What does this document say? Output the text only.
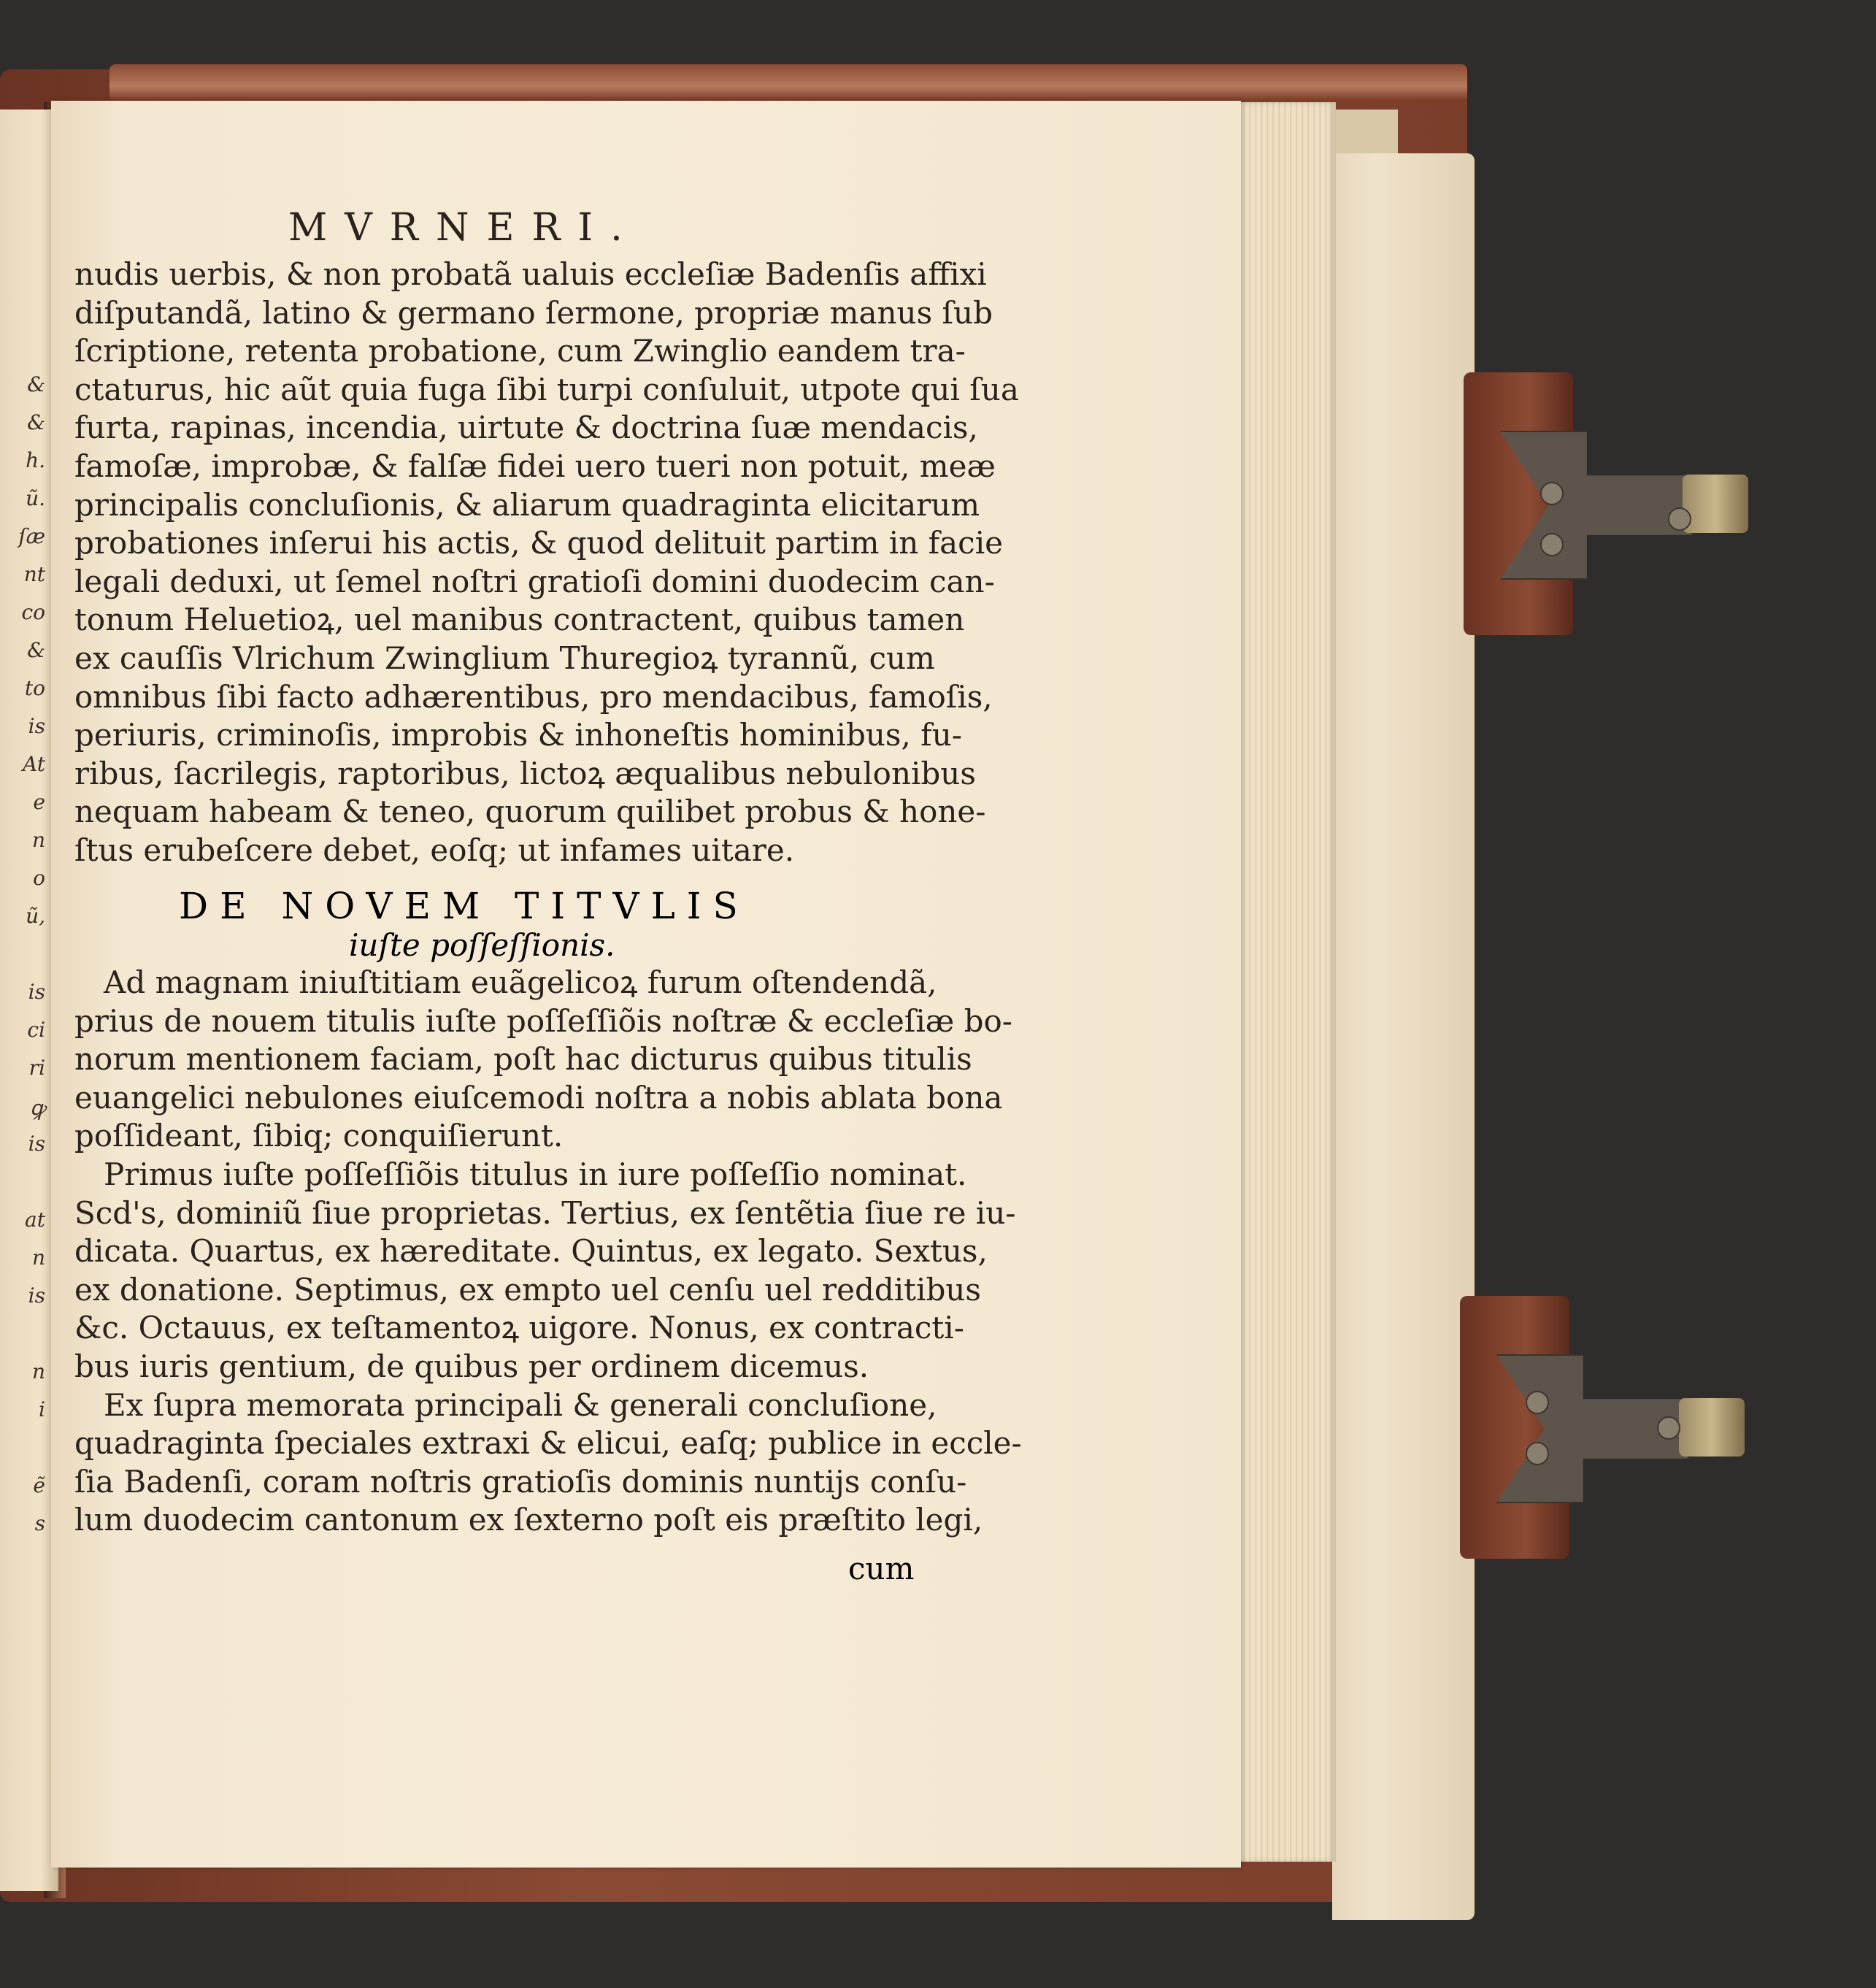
&
&
h.
ũ.
ſæ
nt
co
&
to
is
At
e
n
o
ũ,
is
ci
ri
ꝙ
is
at
n
is
n
i
ẽ
s
MVRNERI.
nudis uerbis, & non probatã ualuis eccleſiæ Badenſis affixi
diſputandã, latino & germano ſermone, propriæ manus ſub
ſcriptione, retenta probatione, cum Zwinglio eandem tra-
ctaturus, hic aũt quia fuga ſibi turpi conſuluit, utpote qui ſua
furta, rapinas, incendia, uirtute & doctrina ſuæ mendacis,
famoſæ, improbæ, & falſæ fidei uero tueri non potuit, meæ
principalis concluſionis, & aliarum quadraginta elicitarum
probationes inſerui his actis, & quod delituit partim in facie
legali deduxi, ut ſemel noſtri gratioſi domini duodecim can-
tonum Heluetioꝝ, uel manibus contractent, quibus tamen
ex cauſſis Vlrichum Zwinglium Thuregioꝝ tyrannũ, cum
omnibus ſibi facto adhærentibus, pro mendacibus, famoſis,
periuris, criminoſis, improbis & inhoneſtis hominibus, fu-
ribus, ſacrilegis, raptoribus, lictoꝝ æqualibus nebulonibus
nequam habeam & teneo, quorum quilibet probus & hone-
ſtus erubeſcere debet, eoſq; ut infames uitare.
DE NOVEM TITVLIS
iuſte poſſeſſionis.
Ad magnam iniuſtitiam euãgelicoꝝ furum oſtendendã,
prius de nouem titulis iuſte poſſeſſiõis noſtræ & eccleſiæ bo-
norum mentionem faciam, poſt hac dicturus quibus titulis
euangelici nebulones eiuſcemodi noſtra a nobis ablata bona
poſſideant, ſibiq; conquiſierunt.
Primus iuſte poſſeſſiõis titulus in iure poſſeſſio nominat.
Scd's, dominiũ ſiue proprietas. Tertius, ex ſentẽtia ſiue re iu-
dicata. Quartus, ex hæreditate. Quintus, ex legato. Sextus,
ex donatione. Septimus, ex empto uel cenſu uel redditibus
&c. Octauus, ex teſtamentoꝝ uigore. Nonus, ex contracti-
bus iuris gentium, de quibus per ordinem dicemus.
Ex ſupra memorata principali & generali concluſione,
quadraginta ſpeciales extraxi & elicui, eaſq; publice in eccle-
ſia Badenſi, coram noſtris gratioſis dominis nuntijs conſu-
lum duodecim cantonum ex ſexterno poſt eis præſtito legi,
cum
